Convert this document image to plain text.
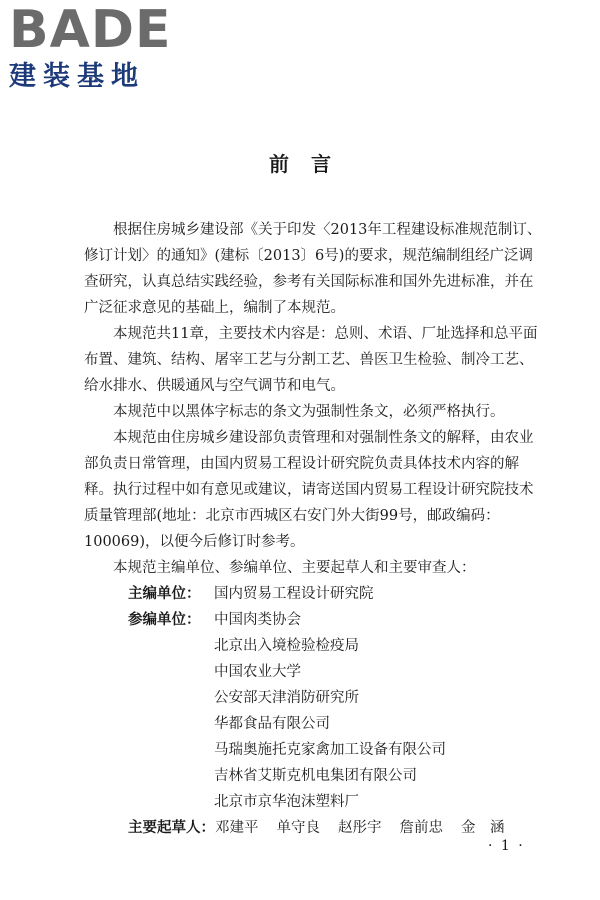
BADE
建装基地
前言

根据住房城乡建设部《关于印发〈2013年工程建设标准规范制订、修订计划〉的通知》(建标〔2013〕6号)的要求，规范编制组经广泛调查研究，认真总结实践经验，参考有关国际标准和国外先进标准，并在广泛征求意见的基础上，编制了本规范。

本规范共11章，主要技术内容是：总则、术语、厂址选择和总平面布置、建筑、结构、屠宰工艺与分割工艺、兽医卫生检验、制冷工艺、给水排水、供暖通风与空气调节和电气。

本规范中以黑体字标志的条文为强制性条文，必须严格执行。

本规范由住房城乡建设部负责管理和对强制性条文的解释，由农业部负责日常管理，由国内贸易工程设计研究院负责具体技术内容的解释。执行过程中如有意见或建议，请寄送国内贸易工程设计研究院技术质量管理部(地址：北京市西城区右安门外大街99号，邮政编码：100069)，以便今后修订时参考。

本规范主编单位、参编单位、主要起草人和主要审查人：

主编单位： 国内贸易工程设计研究院
参编单位： 中国肉类协会
北京出入境检验检疫局
中国农业大学
公安部天津消防研究所
华都食品有限公司
马瑞奥施托克家禽加工设备有限公司
吉林省艾斯克机电集团有限公司
北京市京华泡沫塑料厂
主要起草人：邓建平 单守良 赵彤宇 詹前忠 金　涵
· 1 ·
